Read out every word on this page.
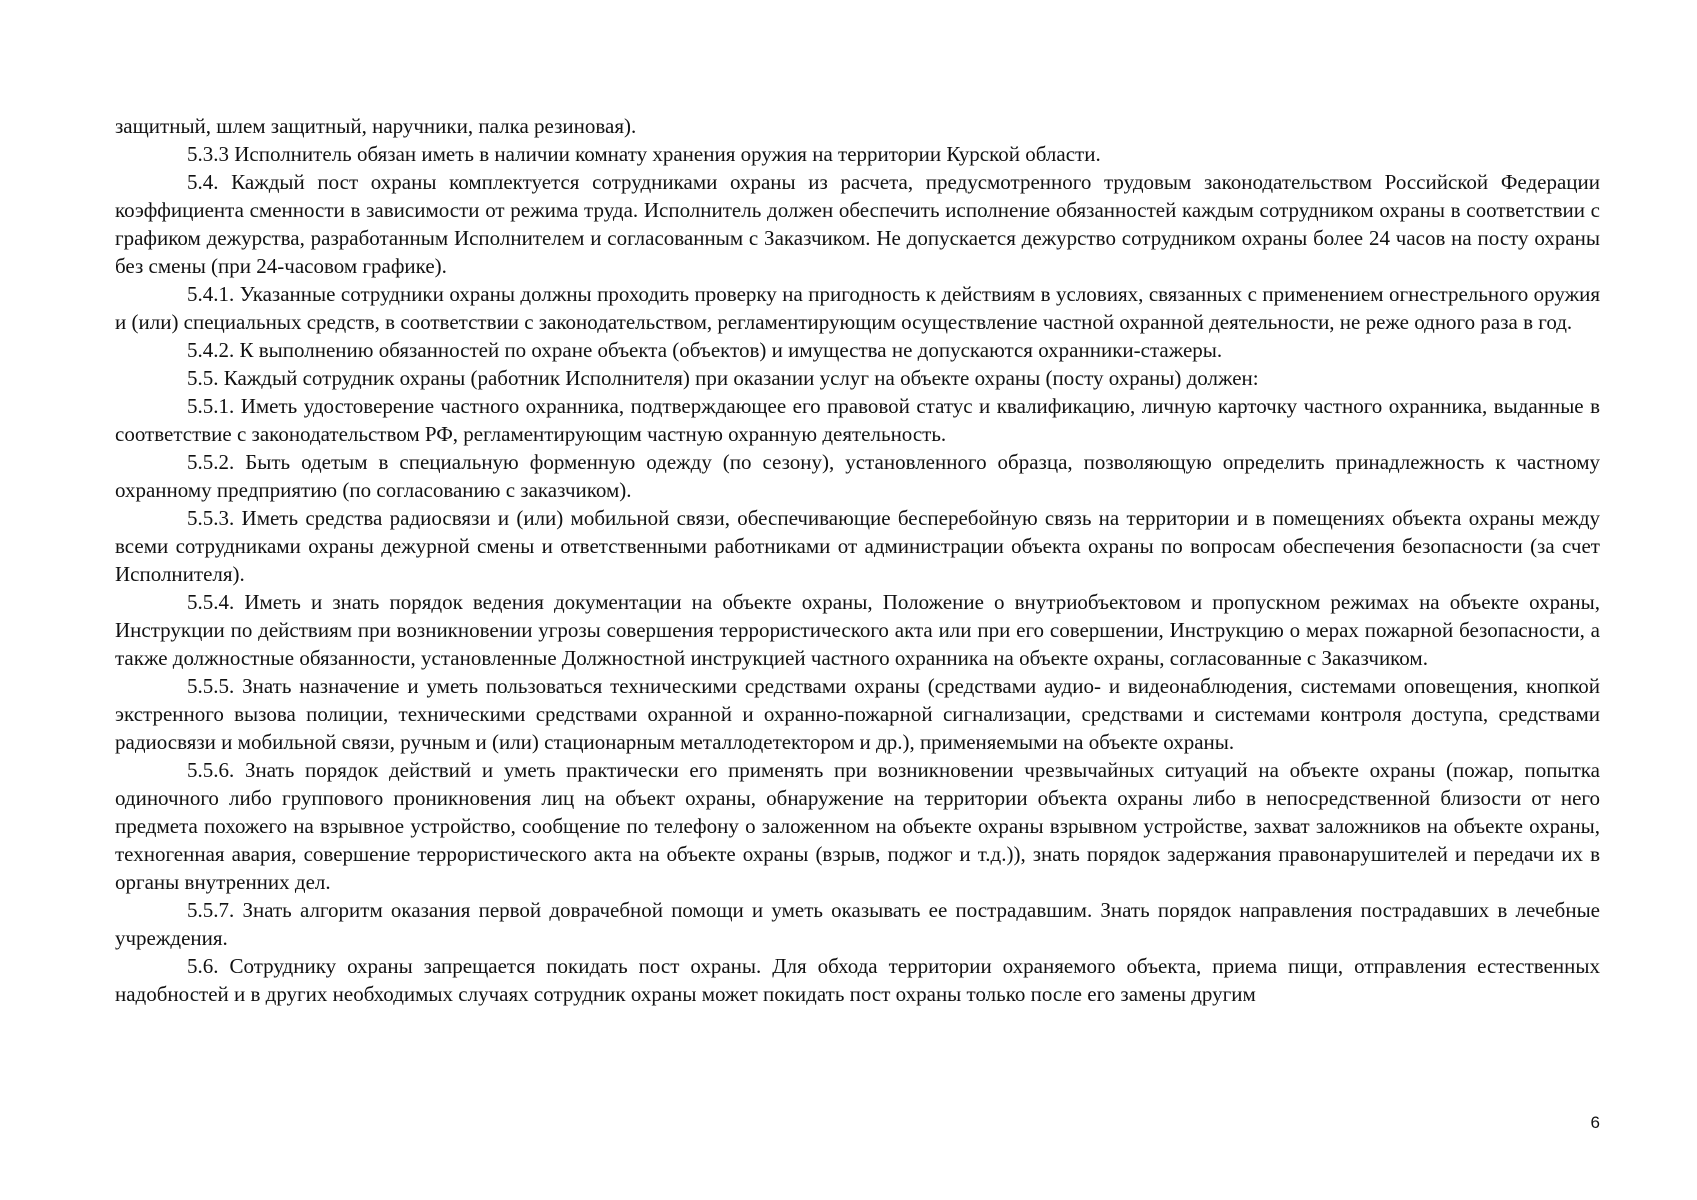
защитный, шлем защитный, наручники, палка резиновая).

5.3.3 Исполнитель обязан иметь в наличии комнату хранения оружия на территории Курской области.

5.4. Каждый пост охраны комплектуется сотрудниками охраны из расчета, предусмотренного трудовым законодательством Российской Федерации коэффициента сменности в зависимости от режима труда. Исполнитель должен обеспечить исполнение обязанностей каждым сотрудником охраны в соответствии с графиком дежурства, разработанным Исполнителем и согласованным с Заказчиком. Не допускается дежурство сотрудником охраны более 24 часов на посту охраны без смены (при 24-часовом графике).

5.4.1. Указанные сотрудники охраны должны проходить проверку на пригодность к действиям в условиях, связанных с применением огнестрельного оружия и (или) специальных средств, в соответствии с законодательством, регламентирующим осуществление частной охранной деятельности, не реже одного раза в год.

5.4.2. К выполнению обязанностей по охране объекта (объектов) и имущества не допускаются охранники-стажеры.

5.5. Каждый сотрудник охраны (работник Исполнителя) при оказании услуг на объекте охраны (посту охраны) должен:

5.5.1. Иметь удостоверение частного охранника, подтверждающее его правовой статус и квалификацию, личную карточку частного охранника, выданные в соответствие с законодательством РФ, регламентирующим частную охранную деятельность.

5.5.2. Быть одетым в специальную форменную одежду (по сезону), установленного образца, позволяющую определить принадлежность к частному охранному предприятию (по согласованию с заказчиком).

5.5.3. Иметь средства радиосвязи и (или) мобильной связи, обеспечивающие бесперебойную связь на территории и в помещениях объекта охраны между всеми сотрудниками охраны дежурной смены и ответственными работниками от администрации объекта охраны по вопросам обеспечения безопасности (за счет Исполнителя).

5.5.4. Иметь и знать порядок ведения документации на объекте охраны, Положение о внутриобъектовом и пропускном режимах на объекте охраны, Инструкции по действиям при возникновении угрозы совершения террористического акта или при его совершении, Инструкцию о мерах пожарной безопасности, а также должностные обязанности, установленные Должностной инструкцией частного охранника на объекте охраны, согласованные с Заказчиком.

5.5.5. Знать назначение и уметь пользоваться техническими средствами охраны (средствами аудио- и видеонаблюдения, системами оповещения, кнопкой экстренного вызова полиции, техническими средствами охранной и охранно-пожарной сигнализации, средствами и системами контроля доступа, средствами радиосвязи и мобильной связи, ручным и (или) стационарным металлодетектором и др.), применяемыми на объекте охраны.

5.5.6. Знать порядок действий и уметь практически его применять при возникновении чрезвычайных ситуаций на объекте охраны (пожар, попытка одиночного либо группового проникновения лиц на объект охраны, обнаружение на территории объекта охраны либо в непосредственной близости от него предмета похожего на взрывное устройство, сообщение по телефону о заложенном на объекте охраны взрывном устройстве, захват заложников на объекте охраны, техногенная авария, совершение террористического акта на объекте охраны (взрыв, поджог и т.д.)), знать порядок задержания правонарушителей и передачи их в органы внутренних дел.

5.5.7. Знать алгоритм оказания первой доврачебной помощи и уметь оказывать ее пострадавшим. Знать порядок направления пострадавших в лечебные учреждения.

5.6. Сотруднику охраны запрещается покидать пост охраны. Для обхода территории охраняемого объекта, приема пищи, отправления естественных надобностей и в других необходимых случаях сотрудник охраны может покидать пост охраны только после его замены другим

6
